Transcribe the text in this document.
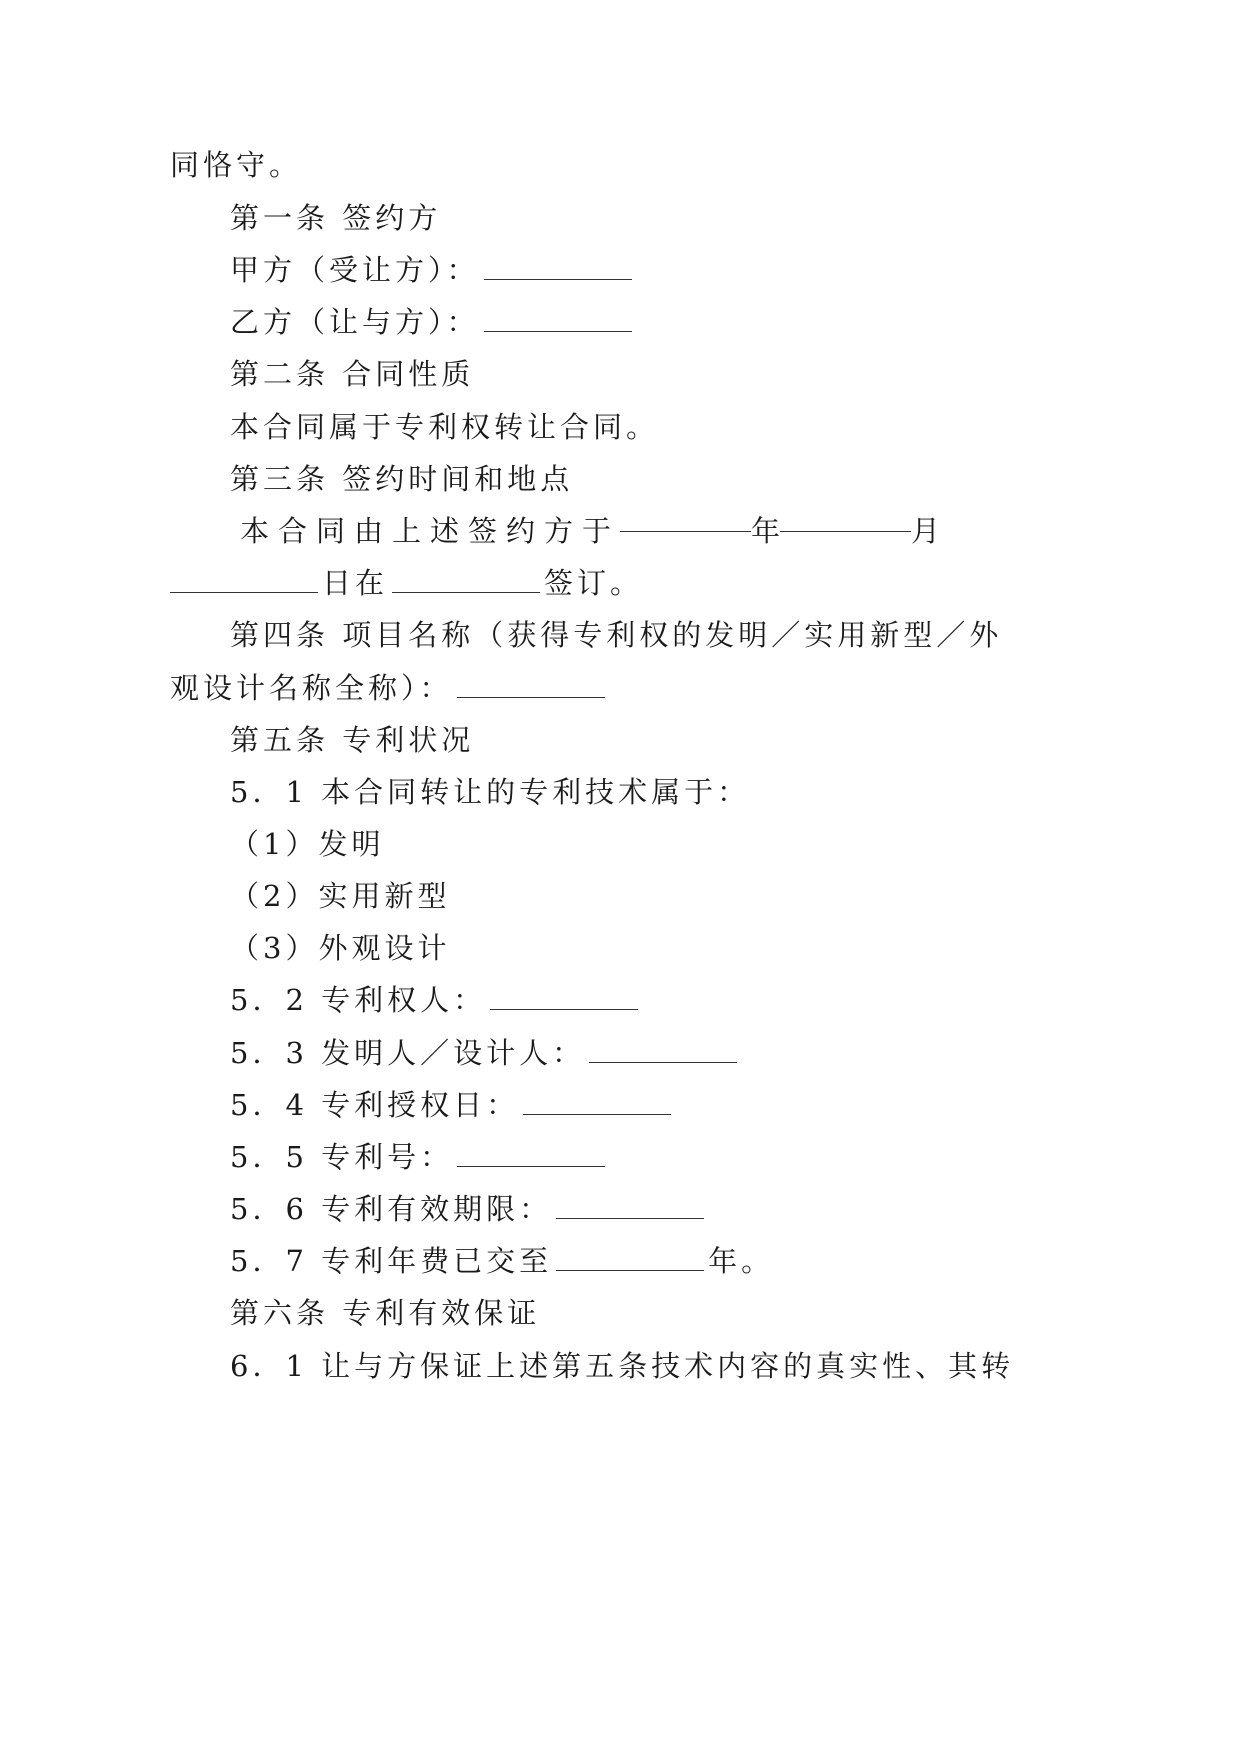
同恪守。
第一条 签约方
甲方（受让方）：
乙方（让与方）：
第二条 合同性质
本合同属于专利权转让合同。
第三条 签约时间和地点
本合同由上述签约方于	年	月
日在	签订。
第四条 项目名称（获得专利权的发明／实用新型／外
观设计名称全称）：
第五条 专利状况
5．1 本合同转让的专利技术属于：
（1）发明
（2）实用新型
（3）外观设计
5．2 专利权人：
5．3 发明人／设计人：
5．4 专利授权日：
5．5 专利号：
5．6 专利有效期限：
5．7 专利年费已交至	年。
第六条 专利有效保证
6．1 让与方保证上述第五条技术内容的真实性、其转
